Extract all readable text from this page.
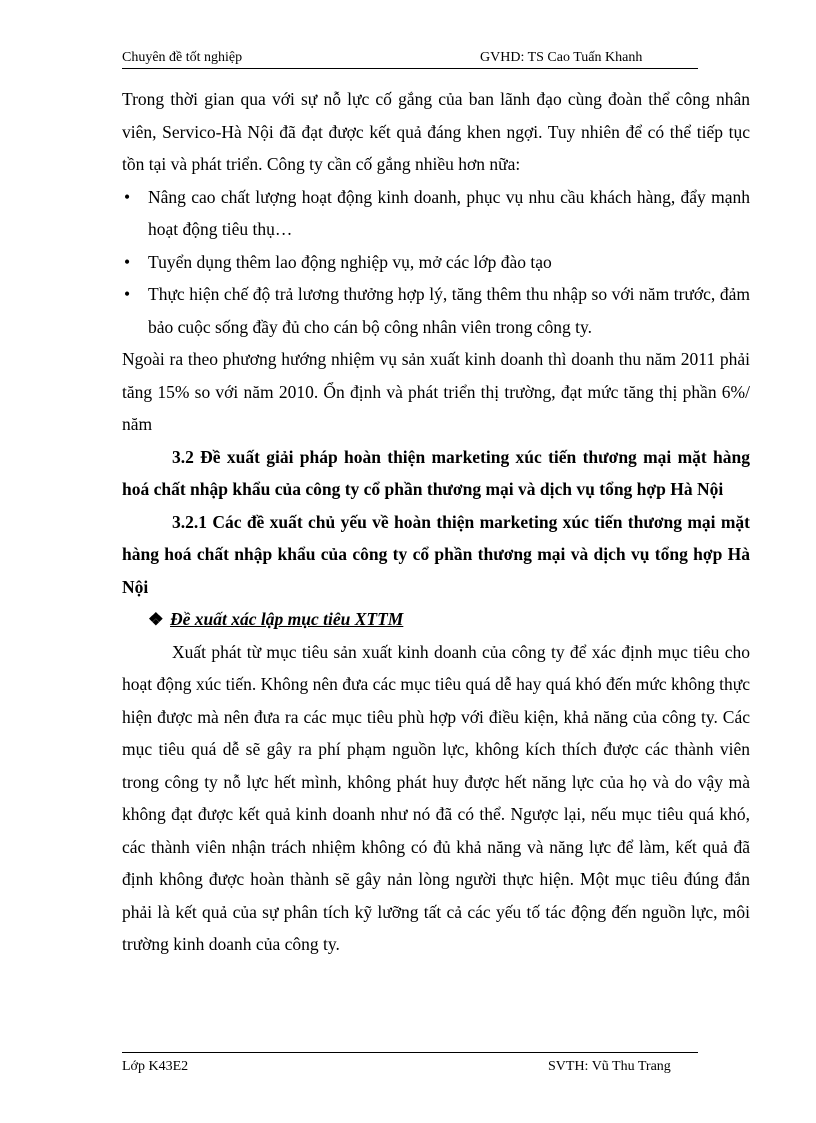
Chuyên đề tốt nghiệp	GVHD: TS Cao Tuấn Khanh

Trong thời gian qua với sự nỗ lực cố gắng của ban lãnh đạo cùng đoàn thể công nhân viên, Servico-Hà Nội đã đạt được kết quả đáng khen ngợi. Tuy nhiên để có thể tiếp tục tồn tại và phát triển. Công ty cần cố gắng nhiều hơn nữa:

• Nâng cao chất lượng hoạt động kinh doanh, phục vụ nhu cầu khách hàng, đẩy mạnh hoạt động tiêu thụ…
• Tuyển dụng thêm lao động nghiệp vụ, mở các lớp đào tạo
• Thực hiện chế độ trả lương thưởng hợp lý, tăng thêm thu nhập so với năm trước, đảm bảo cuộc sống đầy đủ cho cán bộ công nhân viên trong công ty.

Ngoài ra theo phương hướng nhiệm vụ sản xuất kinh doanh thì doanh thu năm 2011 phải tăng 15% so với năm 2010. Ổn định và phát triển thị trường, đạt mức tăng thị phần 6%/ năm

3.2 Đề xuất giải pháp hoàn thiện marketing xúc tiến thương mại mặt hàng hoá chất nhập khẩu của công ty cổ phần thương mại và dịch vụ tổng hợp Hà Nội
3.2.1 Các đề xuất chủ yếu về hoàn thiện marketing xúc tiến thương mại mặt hàng hoá chất nhập khẩu của công ty cổ phần thương mại và dịch vụ tổng hợp Hà Nội
❖ Đề xuất xác lập mục tiêu XTTM

Xuất phát từ mục tiêu sản xuất kinh doanh của công ty để xác định mục tiêu cho hoạt động xúc tiến. Không nên đưa các mục tiêu quá dễ hay quá khó đến mức không thực hiện được mà nên đưa ra các mục tiêu phù hợp với điều kiện, khả năng của công ty. Các mục tiêu quá dễ sẽ gây ra phí phạm nguồn lực, không kích thích được các thành viên trong công ty nỗ lực hết mình, không phát huy được hết năng lực của họ và do vậy mà không đạt được kết quả kinh doanh như nó đã có thể. Ngược lại, nếu mục tiêu quá khó, các thành viên nhận trách nhiệm không có đủ khả năng và năng lực để làm, kết quả đã định không được hoàn thành sẽ gây nản lòng người thực hiện. Một mục tiêu đúng đắn phải là kết quả của sự phân tích kỹ lưỡng tất cả các yếu tố tác động đến nguồn lực, môi trường kinh doanh của công ty.

Lớp K43E2	SVTH: Vũ Thu Trang
